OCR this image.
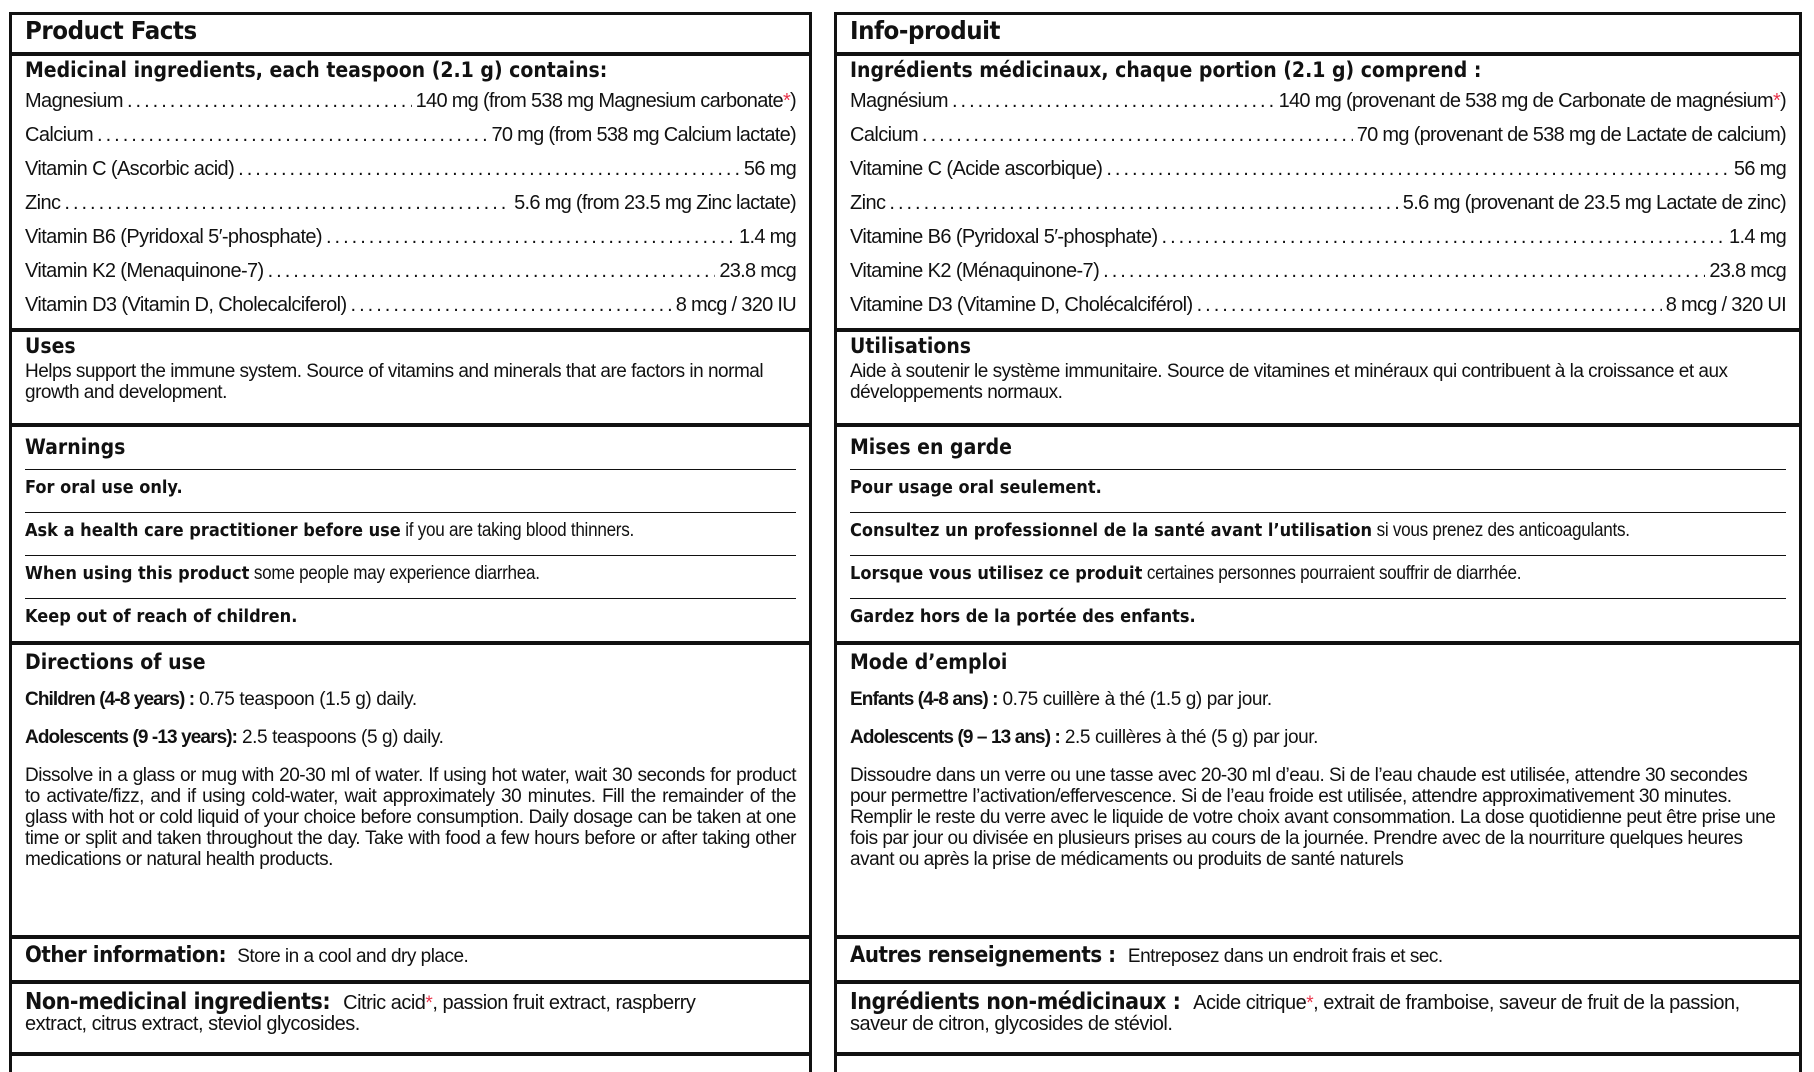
Product Facts
Medicinal ingredients, each teaspoon (2.1 g) contains:
Magnesium .....	140 mg (from 538 mg Magnesium carbonate*)
Calcium .....	70 mg (from 538 mg Calcium lactate)
Vitamin C (Ascorbic acid) .....	56 mg
Zinc .....	5.6 mg (from 23.5 mg Zinc lactate)
Vitamin B6 (Pyridoxal 5′-phosphate) .....	1.4 mg
Vitamin K2 (Menaquinone-7) .....	23.8 mcg
Vitamin D3 (Vitamin D, Cholecalciferol) .....	8 mcg / 320 IU
Uses
Helps support the immune system. Source of vitamins and minerals that are factors in normal growth and development.
Warnings
For oral use only.
Ask a health care practitioner before use if you are taking blood thinners.
When using this product some people may experience diarrhea.
Keep out of reach of children.
Directions of use
Children (4-8 years) : 0.75 teaspoon (1.5 g) daily.
Adolescents (9 -13 years): 2.5 teaspoons (5 g) daily.
Dissolve in a glass or mug with 20-30 ml of water. If using hot water, wait 30 seconds for product to activate/fizz, and if using cold-water, wait approximately 30 minutes. Fill the remainder of the glass with hot or cold liquid of your choice before consumption. Daily dosage can be taken at one time or split and taken throughout the day. Take with food a few hours before or after taking other medications or natural health products.
Other information: Store in a cool and dry place.
Non-medicinal ingredients: Citric acid*, passion fruit extract, raspberry extract, citrus extract, steviol glycosides.
Info-produit
Ingrédients médicinaux, chaque portion (2.1 g) comprend :
Magnésium .....	140 mg (provenant de 538 mg de Carbonate de magnésium*)
Calcium .....	70 mg (provenant de 538 mg de Lactate de calcium)
Vitamine C (Acide ascorbique) .....	56 mg
Zinc .....	5.6 mg (provenant de 23.5 mg Lactate de zinc)
Vitamine B6 (Pyridoxal 5′-phosphate) .....	1.4 mg
Vitamine K2 (Ménaquinone-7) .....	23.8 mcg
Vitamine D3 (Vitamine D, Cholécalciférol) .....	8 mcg / 320 UI
Utilisations
Aide à soutenir le système immunitaire. Source de vitamines et minéraux qui contribuent à la croissance et aux développements normaux.
Mises en garde
Pour usage oral seulement.
Consultez un professionnel de la santé avant l’utilisation si vous prenez des anticoagulants.
Lorsque vous utilisez ce produit certaines personnes pourraient souffrir de diarrhée.
Gardez hors de la portée des enfants.
Mode d’emploi
Enfants (4-8 ans) : 0.75 cuillère à thé (1.5 g) par jour.
Adolescents (9 – 13 ans) : 2.5 cuillères à thé (5 g) par jour.
Dissoudre dans un verre ou une tasse avec 20-30 ml d’eau. Si de l’eau chaude est utilisée, attendre 30 secondes pour permettre l’activation/effervescence. Si de l’eau froide est utilisée, attendre approximativement 30 minutes. Remplir le reste du verre avec le liquide de votre choix avant consommation. La dose quotidienne peut être prise une fois par jour ou divisée en plusieurs prises au cours de la journée. Prendre avec de la nourriture quelques heures avant ou après la prise de médicaments ou produits de santé naturels
Autres renseignements : Entreposez dans un endroit frais et sec.
Ingrédients non-médicinaux : Acide citrique*, extrait de framboise, saveur de fruit de la passion, saveur de citron, glycosides de stéviol.
